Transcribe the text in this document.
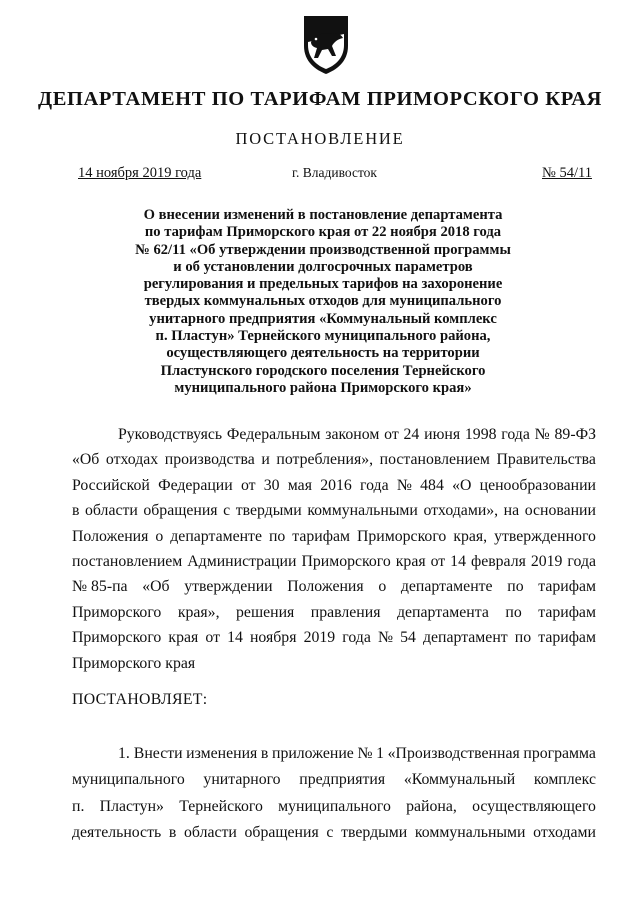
ДЕПАРТАМЕНТ ПО ТАРИФАМ ПРИМОРСКОГО КРАЯ
ПОСТАНОВЛЕНИЕ
14 ноября 2019 года	г. Владивосток	№ 54/11
О внесении изменений в постановление департамента
по тарифам Приморского края от 22 ноября 2018 года
№ 62/11 «Об утверждении производственной программы
и об установлении долгосрочных параметров
регулирования и предельных тарифов на захоронение
твердых коммунальных отходов для муниципального
унитарного предприятия «Коммунальный комплекс
п. Пластун» Тернейского муниципального района,
осуществляющего деятельность на территории
Пластунского городского поселения Тернейского
муниципального района Приморского края»
Руководствуясь Федеральным законом от 24 июня 1998 года № 89-ФЗ
«Об отходах производства и потребления», постановлением Правительства
Российской Федерации от 30 мая 2016 года № 484 «О ценообразовании
в области обращения с твердыми коммунальными отходами», на основании
Положения о департаменте по тарифам Приморского края, утвержденного
постановлением Администрации Приморского края от 14 февраля 2019 года
№ 85-па «Об утверждении Положения о департаменте по тарифам
Приморского края», решения правления департамента по тарифам
Приморского края от 14 ноября 2019 года № 54 департамент по тарифам
Приморского края
ПОСТАНОВЛЯЕТ:
1. Внести изменения в приложение № 1 «Производственная программа
муниципального унитарного предприятия «Коммунальный комплекс
п. Пластун» Тернейского муниципального района, осуществляющего
деятельность в области обращения с твердыми коммунальными отходами
